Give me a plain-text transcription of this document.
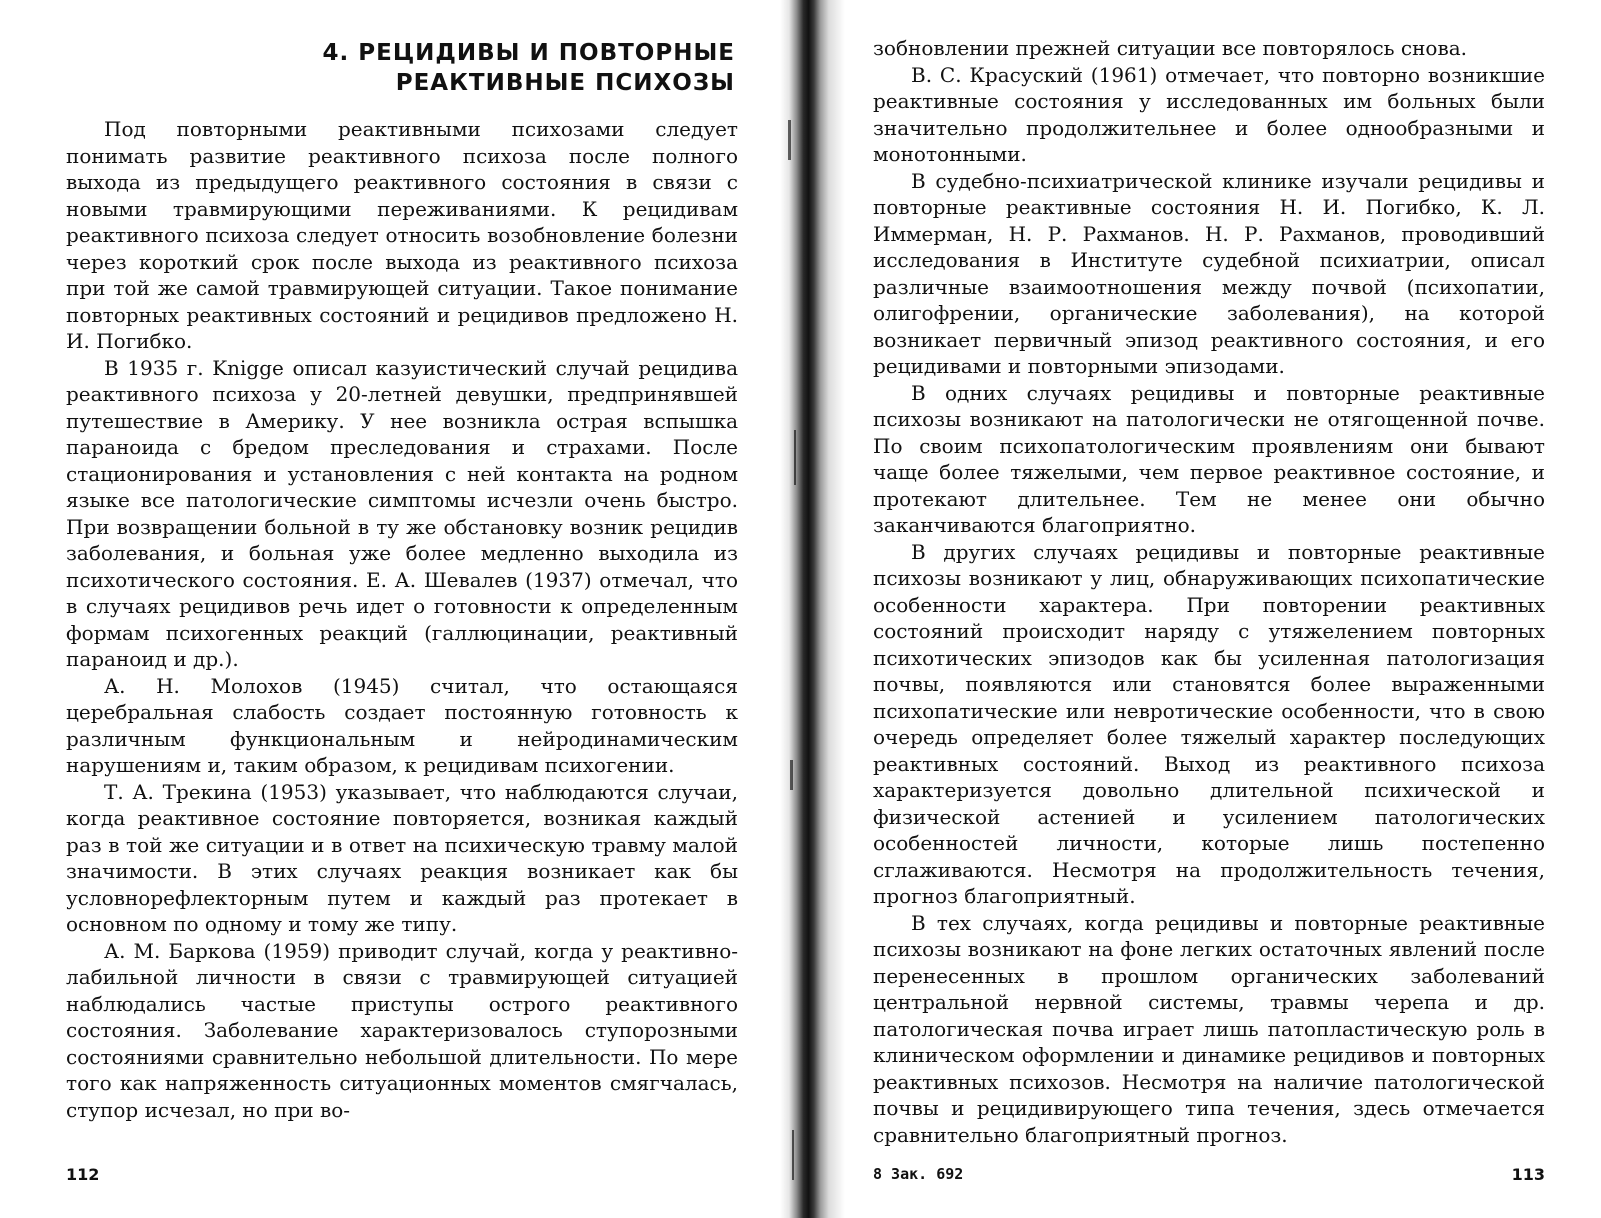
4. РЕЦИДИВЫ И ПОВТОРНЫЕ
РЕАКТИВНЫЕ ПСИХОЗЫ

Под повторными реактивными психозами следует понимать развитие реактивного психоза после полного выхода из предыдущего реактивного состояния в связи с новыми травмирующими переживаниями. К рецидивам реактивного психоза следует относить возобновление болезни через короткий срок после выхода из реактивного психоза при той же самой травмирующей ситуации. Такое понимание повторных реактивных состояний и рецидивов предложено Н. И. Погибко.

В 1935 г. Knigge описал казуистический случай рецидива реактивного психоза у 20-летней девушки, предпринявшей путешествие в Америку. У нее возникла острая вспышка параноида с бредом преследования и страхами. После стационирования и установления с ней контакта на родном языке все патологические симптомы исчезли очень быстро. При возвращении больной в ту же обстановку возник рецидив заболевания, и больная уже более медленно выходила из психотического состояния. Е. А. Шевалев (1937) отмечал, что в случаях рецидивов речь идет о готовности к определенным формам психогенных реакций (галлюцинации, реактивный параноид и др.).

А. Н. Молохов (1945) считал, что остающаяся церебральная слабость создает постоянную готовность к различным функциональным и нейродинамическим нарушениям и, таким образом, к рецидивам психогении.

Т. А. Трекина (1953) указывает, что наблюдаются случаи, когда реактивное состояние повторяется, возникая каждый раз в той же ситуации и в ответ на психическую травму малой значимости. В этих случаях реакция возникает как бы условнорефлекторным путем и каждый раз протекает в основном по одному и тому же типу.

А. М. Баркова (1959) приводит случай, когда у реактивно-лабильной личности в связи с травмирующей ситуацией наблюдались частые приступы острого реактивного состояния. Заболевание характеризовалось ступорозными состояниями сравнительно небольшой длительности. По мере того как напряженность ситуационных моментов смягчалась, ступор исчезал, но при во-

112

зобновлении прежней ситуации все повторялось снова.

В. С. Красуский (1961) отмечает, что повторно возникшие реактивные состояния у исследованных им больных были значительно продолжительнее и более однообразными и монотонными.

В судебно-психиатрической клинике изучали рецидивы и повторные реактивные состояния Н. И. Погибко, К. Л. Иммерман, Н. Р. Рахманов. Н. Р. Рахманов, проводивший исследования в Институте судебной психиатрии, описал различные взаимоотношения между почвой (психопатии, олигофрении, органические заболевания), на которой возникает первичный эпизод реактивного состояния, и его рецидивами и повторными эпизодами.

В одних случаях рецидивы и повторные реактивные психозы возникают на патологически не отягощенной почве. По своим психопатологическим проявлениям они бывают чаще более тяжелыми, чем первое реактивное состояние, и протекают длительнее. Тем не менее они обычно заканчиваются благоприятно.

В других случаях рецидивы и повторные реактивные психозы возникают у лиц, обнаруживающих психопатические особенности характера. При повторении реактивных состояний происходит наряду с утяжелением повторных психотических эпизодов как бы усиленная патологизация почвы, появляются или становятся более выраженными психопатические или невротические особенности, что в свою очередь определяет более тяжелый характер последующих реактивных состояний. Выход из реактивного психоза характеризуется довольно длительной психической и физической астенией и усилением патологических особенностей личности, которые лишь постепенно сглаживаются. Несмотря на продолжительность течения, прогноз благоприятный.

В тех случаях, когда рецидивы и повторные реактивные психозы возникают на фоне легких остаточных явлений после перенесенных в прошлом органических заболеваний центральной нервной системы, травмы черепа и др. патологическая почва играет лишь патопластическую роль в клиническом оформлении и динамике рецидивов и повторных реактивных психозов. Несмотря на наличие патологической почвы и рецидивирующего типа течения, здесь отмечается сравнительно благоприятный прогноз.

8 Зак. 692	113
